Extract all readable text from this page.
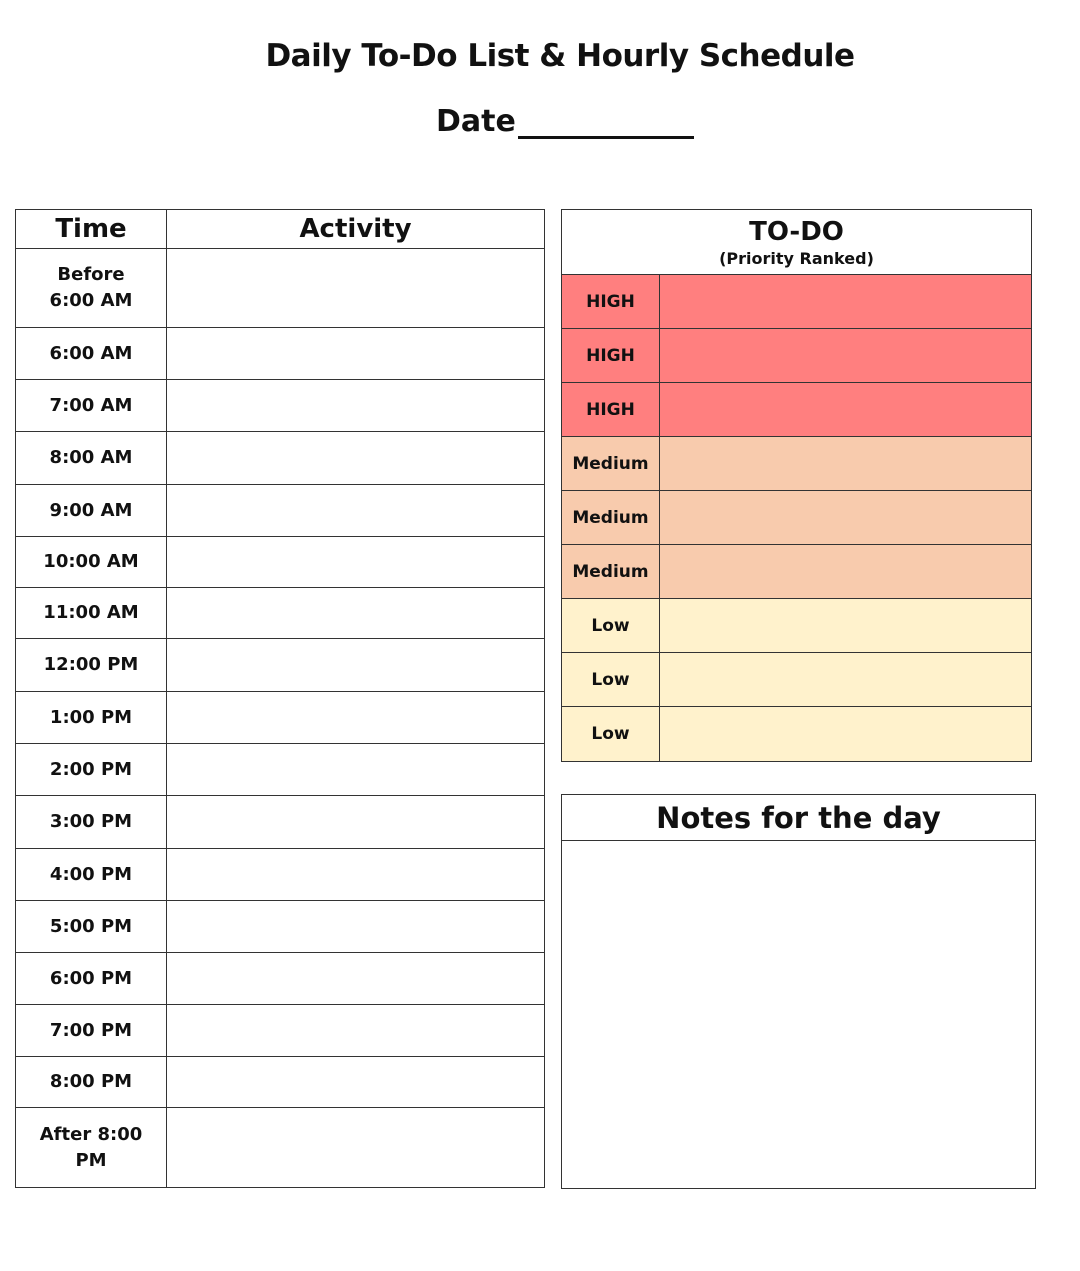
Daily To-Do List & Hourly Schedule
Date
Time	Activity
Before 6:00 AM	
6:00 AM	
7:00 AM	
8:00 AM	
9:00 AM	
10:00 AM	
11:00 AM	
12:00 PM	
1:00 PM	
2:00 PM	
3:00 PM	
4:00 PM	
5:00 PM	
6:00 PM	
7:00 PM	
8:00 PM	
After 8:00 PM	
TO-DO
(Priority Ranked)
HIGH
HIGH
HIGH
Medium
Medium
Medium
Low
Low
Low
Notes for the day
